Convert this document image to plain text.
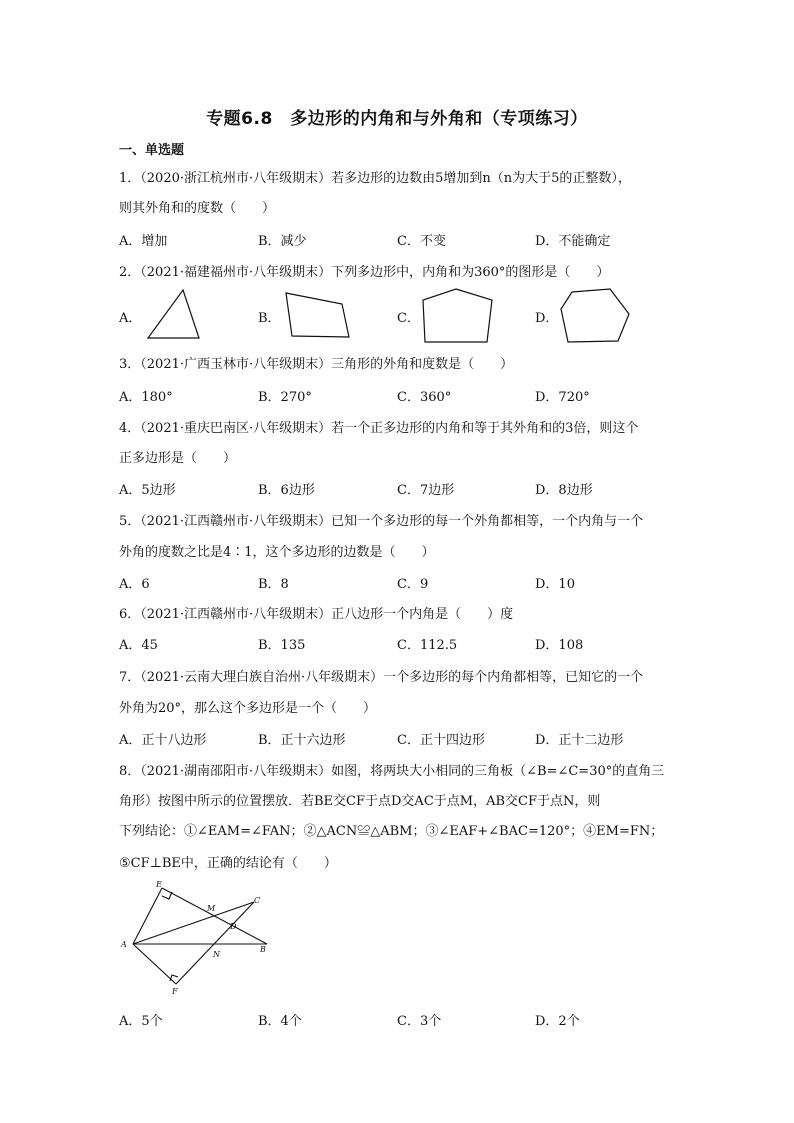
专题6.8　多边形的内角和与外角和（专项练习）
一、单选题
1．（2020·浙江杭州市·八年级期末）若多边形的边数由5增加到n（n为大于5的正整数），
则其外角和的度数（　　）
A．增加	B．减少	C．不变	D．不能确定
2．（2021·福建福州市·八年级期末）下列多边形中，内角和为360°的图形是（　　）
A．	B．	C．	D．
3．（2021·广西玉林市·八年级期末）三角形的外角和度数是（　　）
A．180°	B．270°	C．360°	D．720°
4．（2021·重庆巴南区·八年级期末）若一个正多边形的内角和等于其外角和的3倍，则这个
正多边形是（　　）
A．5边形	B．6边形	C．7边形	D．8边形
5．（2021·江西赣州市·八年级期末）已知一个多边形的每一个外角都相等，一个内角与一个
外角的度数之比是4∶1，这个多边形的边数是（　　）
A．6	B．8	C．9	D．10
6．（2021·江西赣州市·八年级期末）正八边形一个内角是（　　）度
A．45	B．135	C．112.5	D．108
7．（2021·云南大理白族自治州·八年级期末）一个多边形的每个内角都相等，已知它的一个
外角为20°，那么这个多边形是一个（　　）
A．正十八边形	B．正十六边形	C．正十四边形	D．正十二边形
8．（2021·湖南邵阳市·八年级期末）如图，将两块大小相同的三角板（∠B=∠C=30°的直角三
角形）按图中所示的位置摆放．若BE交CF于点D交AC于点M，AB交CF于点N，则
下列结论：①∠EAM=∠FAN；②△ACN≌△ABM；③∠EAF+∠BAC=120°；④EM=FN；
⑤CF⊥BE中，正确的结论有（　　）
E
C
M
D
A
B
N
F
A．5个	B．4个	C．3个	D．2个
